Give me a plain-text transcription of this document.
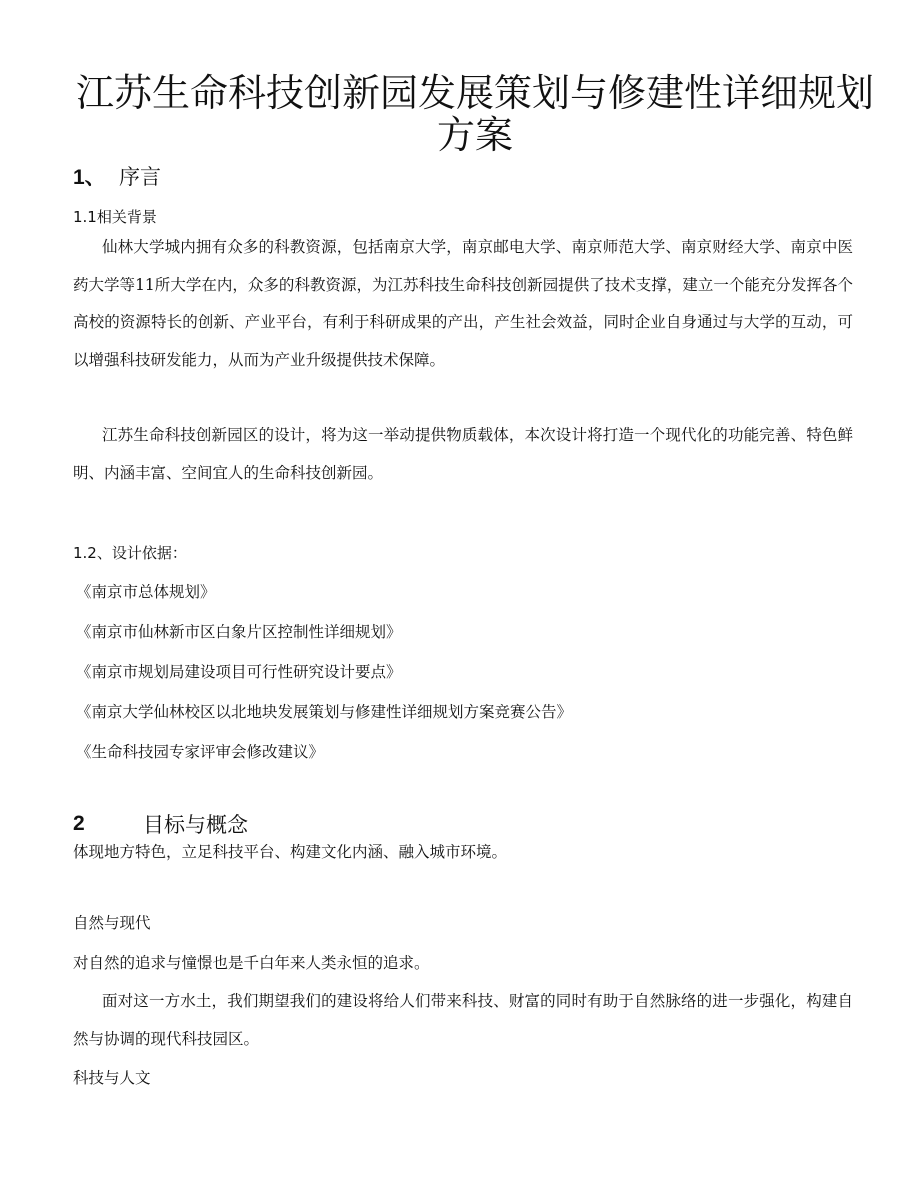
江苏生命科技创新园发展策划与修建性详细规划方案
1、 序言
1.1相关背景

仙林大学城内拥有众多的科教资源，包括南京大学，南京邮电大学、南京师范大学、南京财经大学、南京中医药大学等11所大学在内，众多的科教资源，为江苏科技生命科技创新园提供了技术支撑，建立一个能充分发挥各个高校的资源特长的创新、产业平台，有利于科研成果的产出，产生社会效益，同时企业自身通过与大学的互动，可以增强科技研发能力，从而为产业升级提供技术保障。

江苏生命科技创新园区的设计，将为这一举动提供物质载体，本次设计将打造一个现代化的功能完善、特色鲜明、内涵丰富、空间宜人的生命科技创新园。

1.2、设计依据：
《南京市总体规划》
《南京市仙林新市区白象片区控制性详细规划》
《南京市规划局建设项目可行性研究设计要点》
《南京大学仙林校区以北地块发展策划与修建性详细规划方案竞赛公告》
《生命科技园专家评审会修改建议》
2	目标与概念
体现地方特色，立足科技平台、构建文化内涵、融入城市环境。
自然与现代
对自然的追求与憧憬也是千白年来人类永恒的追求。

面对这一方水土，我们期望我们的建设将给人们带来科技、财富的同时有助于自然脉络的进一步强化，构建自然与协调的现代科技园区。

科技与人文
